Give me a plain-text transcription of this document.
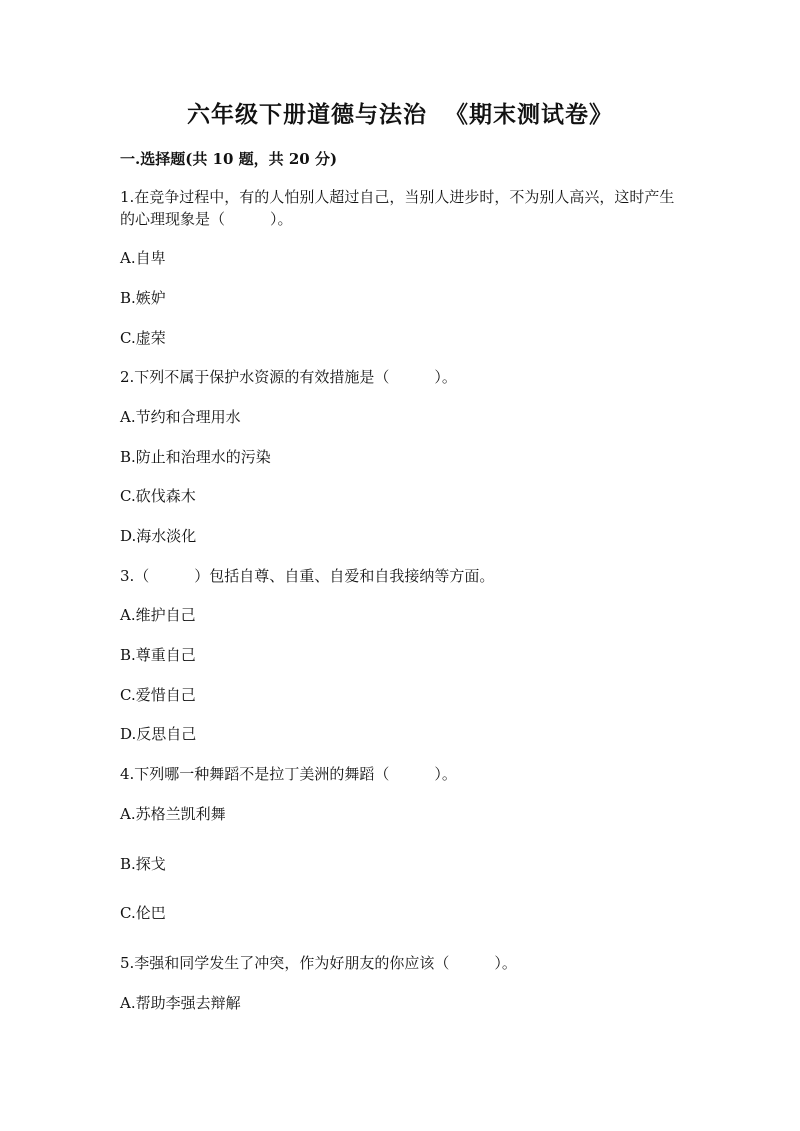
六年级下册道德与法治  《期末测试卷》
一.选择题(共 10 题，共 20 分)
1.在竞争过程中，有的人怕别人超过自己，当别人进步时，不为别人高兴，这时产生的心理现象是（　　　）。
A.自卑
B.嫉妒
C.虚荣
2.下列不属于保护水资源的有效措施是（　　　）。
A.节约和合理用水
B.防止和治理水的污染
C.砍伐森木
D.海水淡化
3.（　　　）包括自尊、自重、自爱和自我接纳等方面。
A.维护自己
B.尊重自己
C.爱惜自己
D.反思自己
4.下列哪一种舞蹈不是拉丁美洲的舞蹈（　　　）。
A.苏格兰凯利舞
B.探戈
C.伦巴
5.李强和同学发生了冲突，作为好朋友的你应该（　　　）。
A.帮助李强去辩解
